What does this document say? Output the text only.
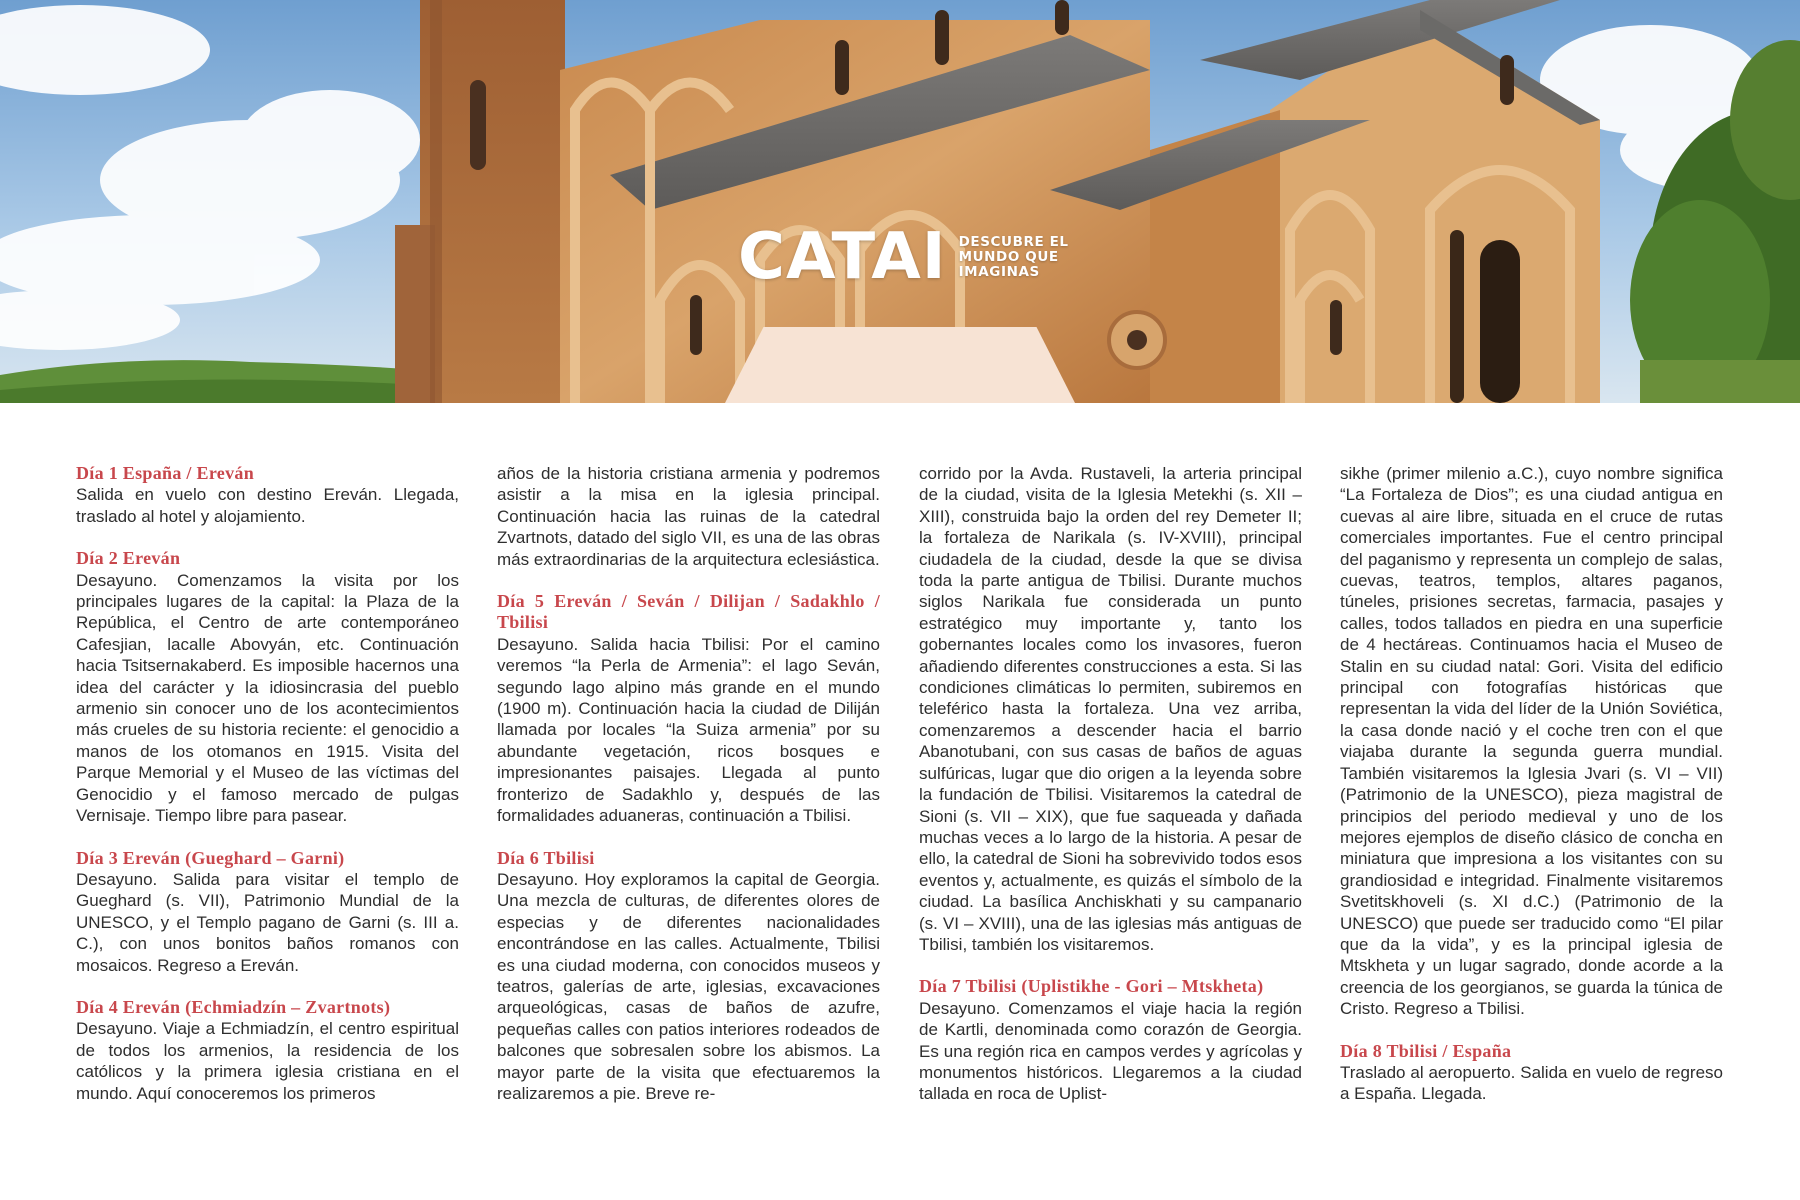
CATAI DESCUBRE EL MUNDO QUE IMAGINAS
Día 1 España / Ereván

Salida en vuelo con destino Ereván. Llegada, traslado al hotel y alojamiento.

Día 2 Ereván

Desayuno. Comenzamos la visita por los principales lugares de la capital: la Plaza de la República, el Centro de arte contemporáneo Cafesjian, lacalle Abovyán, etc. Continuación hacia Tsitsernakaberd. Es imposible hacernos una idea del carácter y la idiosincrasia del pueblo armenio sin conocer uno de los acontecimientos más crueles de su historia reciente: el genocidio a manos de los otomanos en 1915. Visita del Parque Memorial y el Museo de las víctimas del Genocidio y el famoso mercado de pulgas Vernisaje. Tiempo libre para pasear.

Día 3 Ereván (Gueghard – Garni)

Desayuno. Salida para visitar el templo de Gueghard (s. VII), Patrimonio Mundial de la UNESCO, y el Templo pagano de Garni (s. III a. C.), con unos bonitos baños romanos con mosaicos. Regreso a Ereván.

Día 4 Ereván (Echmiadzín – Zvartnots)

Desayuno. Viaje a Echmiadzín, el centro espiritual de todos los armenios, la residencia de los católicos y la primera iglesia cristiana en el mundo. Aquí conoceremos los primeros

años de la historia cristiana armenia y podremos asistir a la misa en la iglesia principal. Continuación hacia las ruinas de la catedral Zvartnots, datado del siglo VII, es una de las obras más extraordinarias de la arquitectura eclesiástica.

Día 5 Ereván / Seván / Dilijan / Sadakhlo / Tbilisi

Desayuno. Salida hacia Tbilisi: Por el camino veremos “la Perla de Armenia”: el lago Seván, segundo lago alpino más grande en el mundo (1900 m). Continuación hacia la ciudad de Diliján llamada por locales “la Suiza armenia” por su abundante vegetación, ricos bosques e impresionantes paisajes. Llegada al punto fronterizo de Sadakhlo y, después de las formalidades aduaneras, continuación a Tbilisi.

Día 6 Tbilisi

Desayuno. Hoy exploramos la capital de Georgia. Una mezcla de culturas, de diferentes olores de especias y de diferentes nacionalidades encontrándose en las calles. Actualmente, Tbilisi es una ciudad moderna, con conocidos museos y teatros, galerías de arte, iglesias, excavaciones arqueológicas, casas de baños de azufre, pequeñas calles con patios interiores rodeados de balcones que sobresalen sobre los abismos. La mayor parte de la visita que efectuaremos la realizaremos a pie. Breve re-

corrido por la Avda. Rustaveli, la arteria principal de la ciudad, visita de la Iglesia Metekhi (s. XII – XIII), construida bajo la orden del rey Demeter II; la fortaleza de Narikala (s. IV-XVIII), principal ciudadela de la ciudad, desde la que se divisa toda la parte antigua de Tbilisi. Durante muchos siglos Narikala fue considerada un punto estratégico muy importante y, tanto los gobernantes locales como los invasores, fueron añadiendo diferentes construcciones a esta. Si las condiciones climáticas lo permiten, subiremos en teleférico hasta la fortaleza. Una vez arriba, comenzaremos a descender hacia el barrio Abanotubani, con sus casas de baños de aguas sulfúricas, lugar que dio origen a la leyenda sobre la fundación de Tbilisi. Visitaremos la catedral de Sioni (s. VII – XIX), que fue saqueada y dañada muchas veces a lo largo de la historia. A pesar de ello, la catedral de Sioni ha sobrevivido todos esos eventos y, actualmente, es quizás el símbolo de la ciudad. La basílica Anchiskhati y su campanario (s. VI – XVIII), una de las iglesias más antiguas de Tbilisi, también los visitaremos.

Día 7 Tbilisi (Uplistikhe - Gori – Mtskheta)

Desayuno. Comenzamos el viaje hacia la región de Kartli, denominada como corazón de Georgia. Es una región rica en campos verdes y agrícolas y monumentos históricos. Llegaremos a la ciudad tallada en roca de Uplist-

sikhe (primer milenio a.C.), cuyo nombre significa “La Fortaleza de Dios”; es una ciudad antigua en cuevas al aire libre, situada en el cruce de rutas comerciales importantes. Fue el centro principal del paganismo y representa un complejo de salas, cuevas, teatros, templos, altares paganos, túneles, prisiones secretas, farmacia, pasajes y calles, todos tallados en piedra en una superficie de 4 hectáreas. Continuamos hacia el Museo de Stalin en su ciudad natal: Gori. Visita del edificio principal con fotografías históricas que representan la vida del líder de la Unión Soviética, la casa donde nació y el coche tren con el que viajaba durante la segunda guerra mundial. También visitaremos la Iglesia Jvari (s. VI – VII) (Patrimonio de la UNESCO), pieza magistral de principios del periodo medieval y uno de los mejores ejemplos de diseño clásico de concha en miniatura que impresiona a los visitantes con su grandiosidad e integridad. Finalmente visitaremos Svetitskhoveli (s. XI d.C.) (Patrimonio de la UNESCO) que puede ser traducido como “El pilar que da la vida”, y es la principal iglesia de Mtskheta y un lugar sagrado, donde acorde a la creencia de los georgianos, se guarda la túnica de Cristo. Regreso a Tbilisi.

Día 8 Tbilisi / España

Traslado al aeropuerto. Salida en vuelo de regreso a España. Llegada.
